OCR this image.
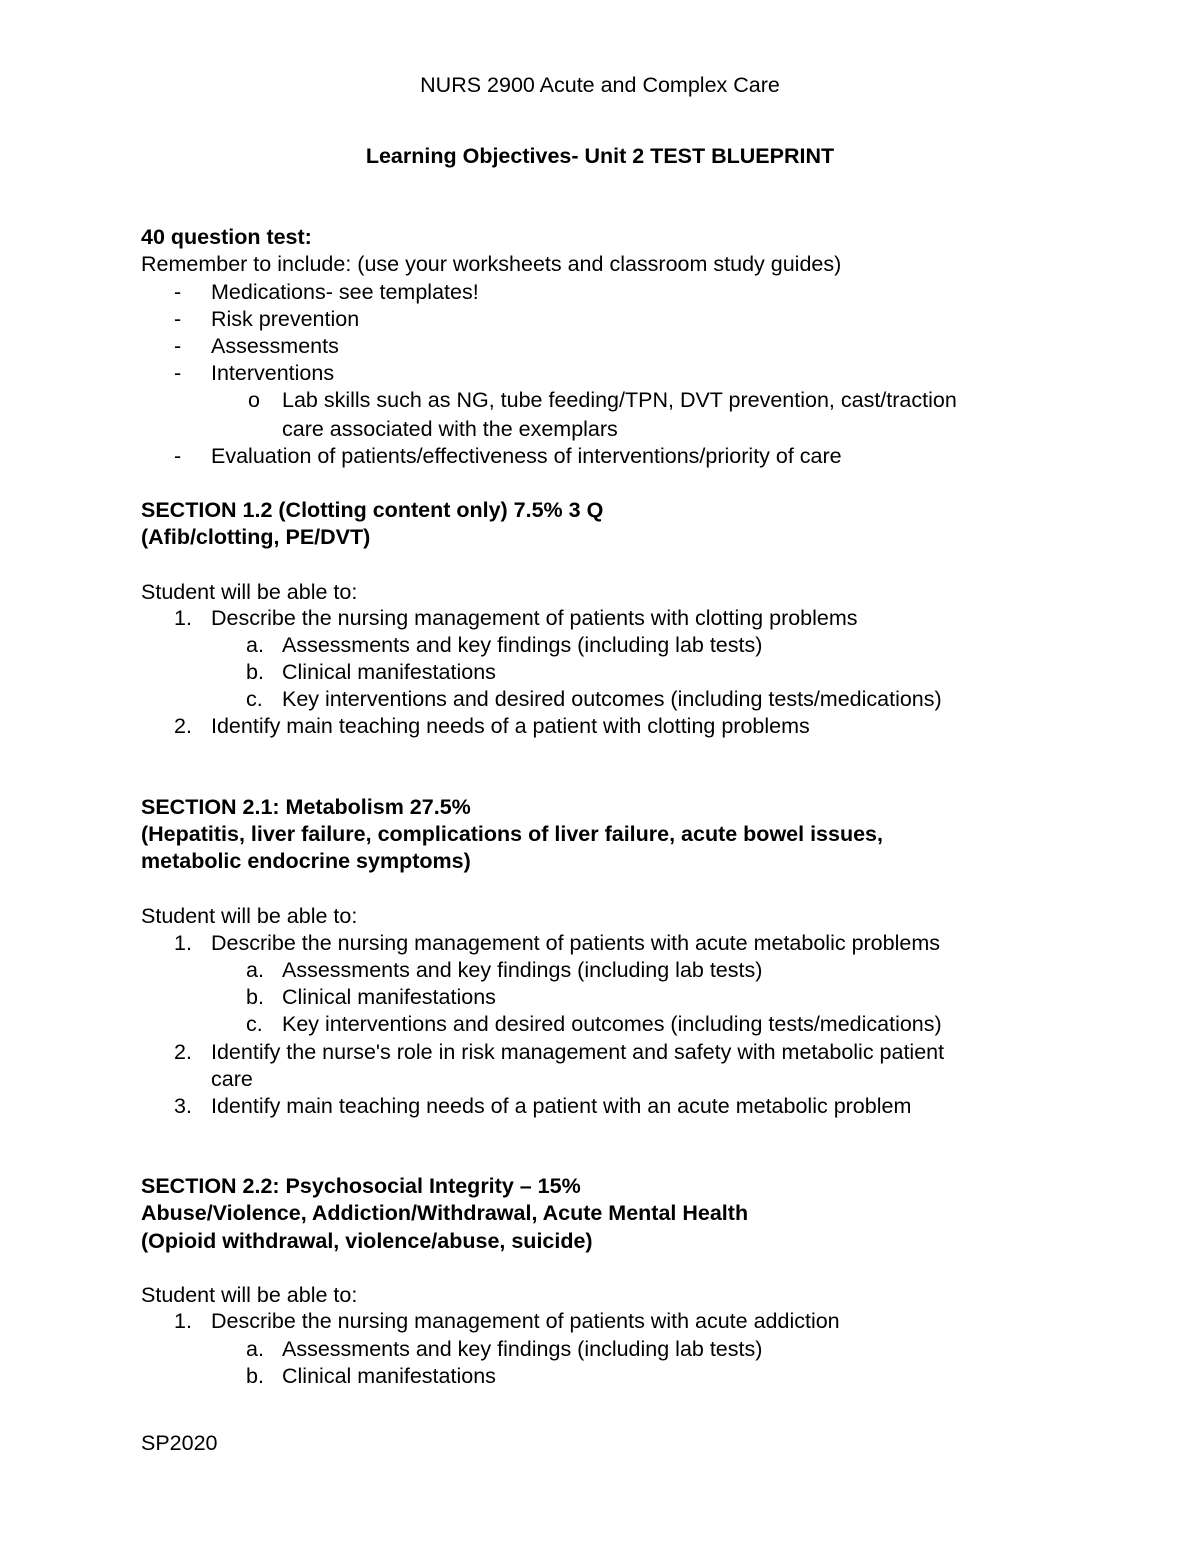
NURS 2900 Acute and Complex Care
Learning Objectives- Unit 2 TEST BLUEPRINT
40 question test:
Remember to include: (use your worksheets and classroom study guides)
- Medications- see templates!
- Risk prevention
- Assessments
- Interventions
o Lab skills such as NG, tube feeding/TPN, DVT prevention, cast/traction
care associated with the exemplars
- Evaluation of patients/effectiveness of interventions/priority of care
SECTION 1.2 (Clotting content only) 7.5% 3 Q
(Afib/clotting, PE/DVT)
Student will be able to:
1. Describe the nursing management of patients with clotting problems
a. Assessments and key findings (including lab tests)
b. Clinical manifestations
c. Key interventions and desired outcomes (including tests/medications)
2. Identify main teaching needs of a patient with clotting problems
SECTION 2.1: Metabolism 27.5%
(Hepatitis, liver failure, complications of liver failure, acute bowel issues,
metabolic endocrine symptoms)
Student will be able to:
1. Describe the nursing management of patients with acute metabolic problems
a. Assessments and key findings (including lab tests)
b. Clinical manifestations
c. Key interventions and desired outcomes (including tests/medications)
2. Identify the nurse's role in risk management and safety with metabolic patient
care
3. Identify main teaching needs of a patient with an acute metabolic problem
SECTION 2.2: Psychosocial Integrity – 15%
Abuse/Violence, Addiction/Withdrawal, Acute Mental Health
(Opioid withdrawal, violence/abuse, suicide)
Student will be able to:
1. Describe the nursing management of patients with acute addiction
a. Assessments and key findings (including lab tests)
b. Clinical manifestations
SP2020
